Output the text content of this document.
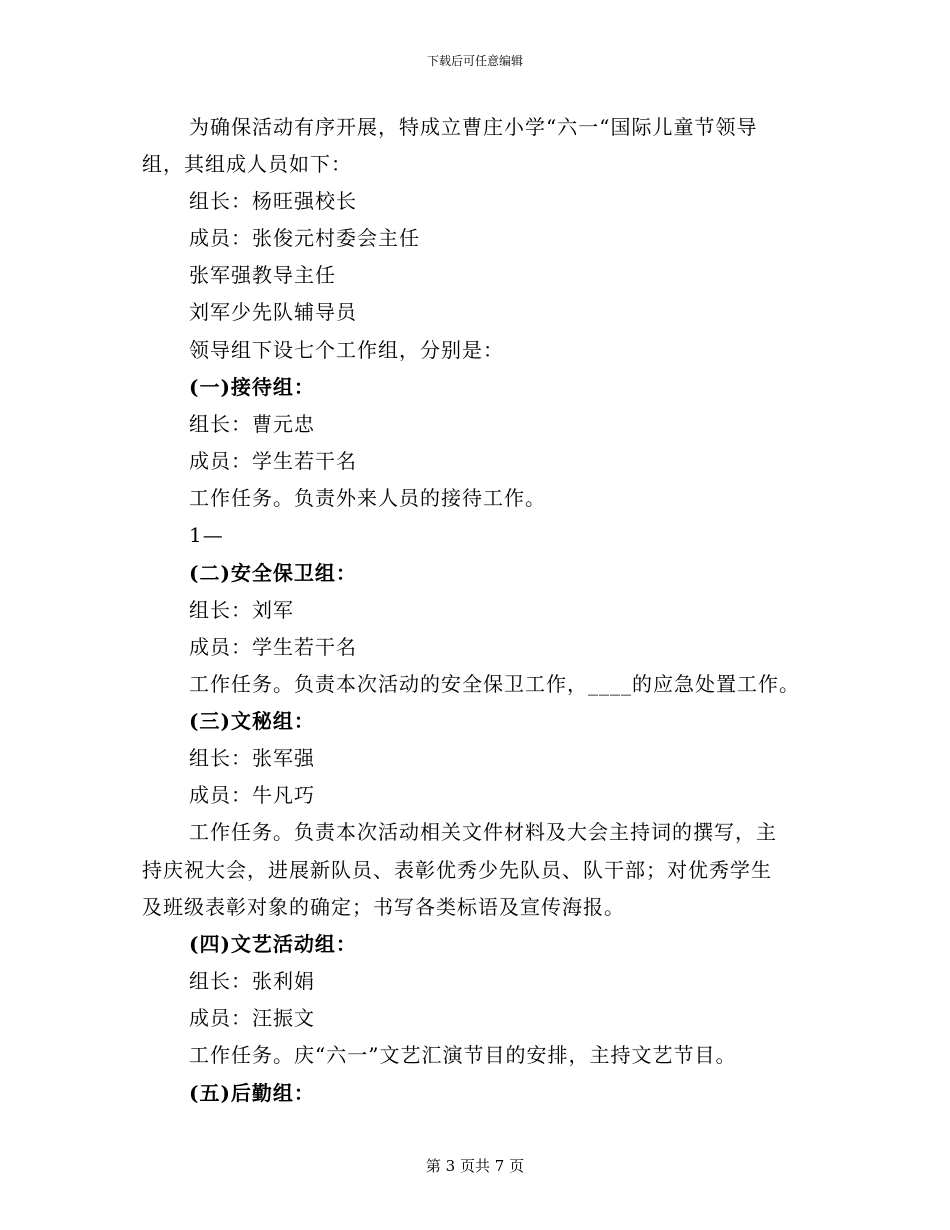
下载后可任意编辑
为确保活动有序开展，特成立曹庄小学“六一“国际儿童节领导
组，其组成人员如下：
组长：杨旺强校长
成员：张俊元村委会主任
张军强教导主任
刘军少先队辅导员
领导组下设七个工作组，分别是：
(一)接待组：
组长：曹元忠
成员：学生若干名
工作任务。负责外来人员的接待工作。
1—
(二)安全保卫组：
组长：刘军
成员：学生若干名
工作任务。负责本次活动的安全保卫工作，____的应急处置工作。
(三)文秘组：
组长：张军强
成员：牛凡巧
工作任务。负责本次活动相关文件材料及大会主持词的撰写，主
持庆祝大会，进展新队员、表彰优秀少先队员、队干部；对优秀学生
及班级表彰对象的确定；书写各类标语及宣传海报。
(四)文艺活动组：
组长：张利娟
成员：汪振文
工作任务。庆“六一”文艺汇演节目的安排，主持文艺节目。
(五)后勤组：
第 3 页共 7 页
